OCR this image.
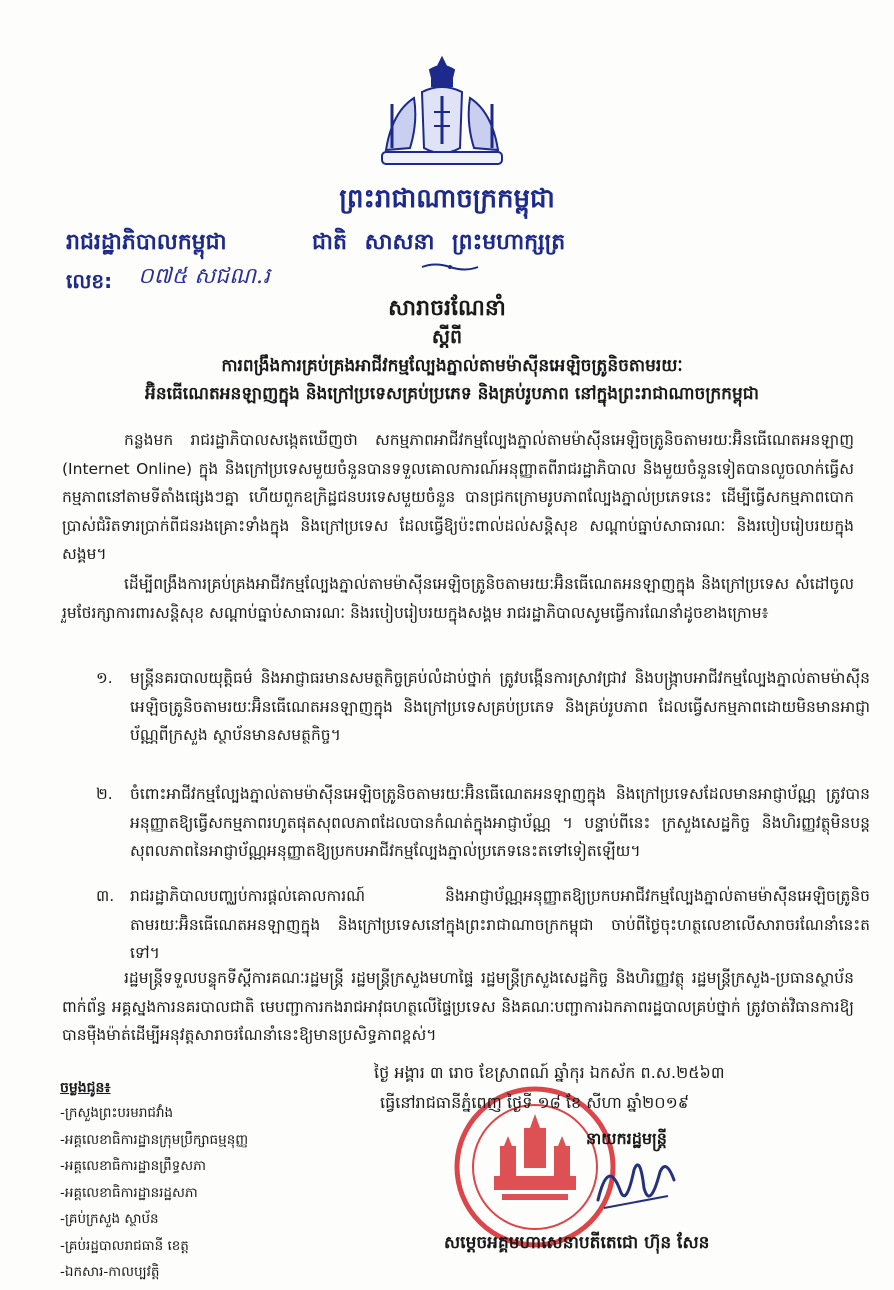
ព្រះរាជាណាចក្រកម្ពុជា
រាជរដ្ឋាភិបាលកម្ពុជា	ជាតិ សាសនា ព្រះមហាក្សត្រ
លេខ: ០៧៥ សជណ.រ
សារាចរណែនាំ
ស្តីពី
ការពង្រឹងការគ្រប់គ្រងអាជីវកម្មល្បែងភ្នាល់តាមម៉ាស៊ីនអេឡិចត្រូនិចតាមរយៈ
អ៊ិនធើណេតអនឡាញក្នុង និងក្រៅប្រទេសគ្រប់ប្រភេទ និងគ្រប់រូបភាព នៅក្នុងព្រះរាជាណាចក្រកម្ពុជា
កន្លងមក រាជរដ្ឋាភិបាលសង្កេតឃើញថា សកម្មភាពអាជីវកម្មល្បែងភ្នាល់តាមម៉ាស៊ីនអេឡិចត្រូនិចតាមរយៈអ៊ិនធើណេតអនឡាញ (Internet Online) ក្នុង និងក្រៅប្រទេសមួយចំនួនបានទទួលគោលការណ៍អនុញ្ញាតពីរាជរដ្ឋាភិបាល និងមួយចំនួនទៀតបានលួចលាក់ធ្វើសកម្មភាពនៅតាមទីតាំងផ្សេងៗគ្នា ហើយពួកឧក្រិដ្ឋជនបរទេសមួយចំនួន បានជ្រកក្រោមរូបភាពល្បែងភ្នាល់ប្រភេទនេះ ដើម្បីធ្វើសកម្មភាពបោកប្រាស់ជំរិតទារប្រាក់ពីជនរងគ្រោះទាំងក្នុង និងក្រៅប្រទេស ដែលធ្វើឱ្យប៉ះពាល់ដល់សន្តិសុខ សណ្តាប់ធ្នាប់សាធារណៈ និងរបៀបរៀបរយក្នុងសង្គម។
ដើម្បីពង្រឹងការគ្រប់គ្រងអាជីវកម្មល្បែងភ្នាល់តាមម៉ាស៊ីនអេឡិចត្រូនិចតាមរយៈអ៊ិនធើណេតអនឡាញក្នុង និងក្រៅប្រទេស សំដៅចូលរួមថែរក្សាការពារសន្តិសុខ សណ្តាប់ធ្នាប់សាធារណៈ និងរបៀបរៀបរយក្នុងសង្គម រាជរដ្ឋាភិបាលសូមធ្វើការណែនាំដូចខាងក្រោម៖
១. មន្ត្រីនគរបាលយុត្តិធម៌ និងអាជ្ញាធរមានសមត្ថកិច្ចគ្រប់លំដាប់ថ្នាក់ ត្រូវបង្កើនការស្រាវជ្រាវ និងបង្ក្រាបអាជីវកម្មល្បែងភ្នាល់តាមម៉ាស៊ីនអេឡិចត្រូនិចតាមរយៈអ៊ិនធើណេតអនឡាញក្នុង និងក្រៅប្រទេសគ្រប់ប្រភេទ និងគ្រប់រូបភាព ដែលធ្វើសកម្មភាពដោយមិនមានអាជ្ញាប័ណ្ណពីក្រសួង ស្ថាប័នមានសមត្ថកិច្ច។
២. ចំពោះអាជីវកម្មល្បែងភ្នាល់តាមម៉ាស៊ីនអេឡិចត្រូនិចតាមរយៈអ៊ិនធើណេតអនឡាញក្នុង និងក្រៅប្រទេសដែលមានអាជ្ញាប័ណ្ណ ត្រូវបានអនុញ្ញាតឱ្យធ្វើសកម្មភាពរហូតផុតសុពលភាពដែលបានកំណត់ក្នុងអាជ្ញាប័ណ្ណ ។ បន្ទាប់ពីនេះ ក្រសួងសេដ្ឋកិច្ច និងហិរញ្ញវត្ថុមិនបន្តសុពលភាពនៃអាជ្ញាប័ណ្ណអនុញ្ញាតឱ្យប្រកបអាជីវកម្មល្បែងភ្នាល់ប្រភេទនេះតទៅទៀតឡើយ។
៣. រាជរដ្ឋាភិបាលបញ្ឈប់ការផ្តល់គោលការណ៍ និងអាជ្ញាប័ណ្ណអនុញ្ញាតឱ្យប្រកបអាជីវកម្មល្បែងភ្នាល់តាមម៉ាស៊ីនអេឡិចត្រូនិចតាមរយៈអ៊ិនធើណេតអនឡាញក្នុង និងក្រៅប្រទេសនៅក្នុងព្រះរាជាណាចក្រកម្ពុជា ចាប់ពីថ្ងៃចុះហត្ថលេខាលើសារាចរណែនាំនេះតទៅ។
រដ្ឋមន្ត្រីទទួលបន្ទុកទីស្តីការគណៈរដ្ឋមន្ត្រី រដ្ឋមន្ត្រីក្រសួងមហាផ្ទៃ រដ្ឋមន្ត្រីក្រសួងសេដ្ឋកិច្ច និងហិរញ្ញវត្ថុ រដ្ឋមន្ត្រីក្រសួង-ប្រធានស្ថាប័នពាក់ព័ន្ធ អគ្គស្នងការនគរបាលជាតិ មេបញ្ជាការកងរាជអាវុធហត្ថលើផ្ទៃប្រទេស និងគណៈបញ្ជាការឯកភាពរដ្ឋបាលគ្រប់ថ្នាក់ ត្រូវចាត់វិធានការឱ្យបានម៉ឺងម៉ាត់ដើម្បីអនុវត្តសារាចរណែនាំនេះឱ្យមានប្រសិទ្ធភាពខ្ពស់។
ចម្លងជូន៖
-ក្រសួងព្រះបរមរាជវាំង
-អគ្គលេខាធិការដ្ឋានក្រុមប្រឹក្សាធម្មនុញ្ញ
-អគ្គលេខាធិការដ្ឋានព្រឹទ្ធសភា
-អគ្គលេខាធិការដ្ឋានរដ្ឋសភា
-គ្រប់ក្រសួង ស្ថាប័ន
-គ្រប់រដ្ឋបាលរាជធានី ខេត្ត
-ឯកសារ-កាលប្បវត្តិ
ថ្ងៃ អង្គារ ៣ រោច ខែស្រាពណ៍ ឆ្នាំកុរ ឯកស័ក ព.ស.២៥៦៣
ធ្វើនៅរាជធានីភ្នំពេញ ថ្ងៃទី ១៨ ខែ សីហា ឆ្នាំ២០១៩
នាយករដ្ឋមន្ត្រី
សម្តេចអគ្គមហាសេនាបតីតេជោ ហ៊ុន សែន
